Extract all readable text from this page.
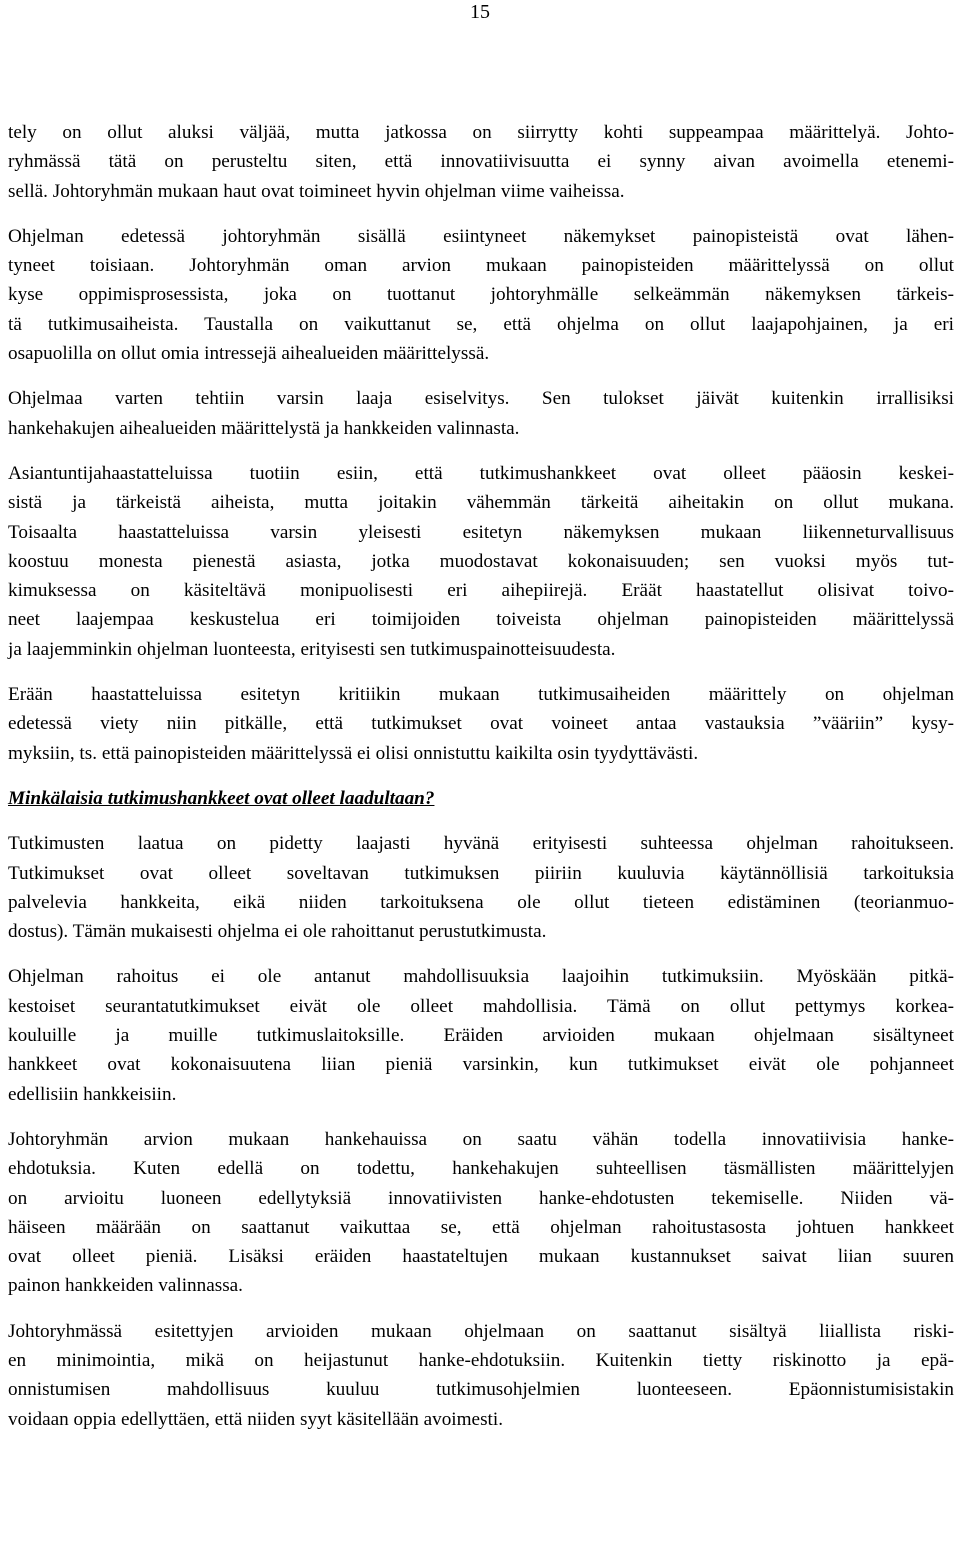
15
tely on ollut aluksi väljää, mutta jatkossa on siirrytty kohti suppeampaa määrittelyä. Johto-
ryhmässä tätä on perusteltu siten, että innovatiivisuutta ei synny aivan avoimella etenemi-
sellä. Johtoryhmän mukaan haut ovat toimineet hyvin ohjelman viime vaiheissa.
Ohjelman edetessä johtoryhmän sisällä esiintyneet näkemykset painopisteistä ovat lähen-
tyneet toisiaan. Johtoryhmän oman arvion mukaan painopisteiden määrittelyssä on ollut
kyse oppimisprosessista, joka on tuottanut johtoryhmälle selkeämmän näkemyksen tärkeis-
tä tutkimusaiheista. Taustalla on vaikuttanut se, että ohjelma on ollut laajapohjainen, ja eri
osapuolilla on ollut omia intressejä aihealueiden määrittelyssä.
Ohjelmaa varten tehtiin varsin laaja esiselvitys. Sen tulokset jäivät kuitenkin irrallisiksi
hankehakujen aihealueiden määrittelystä ja hankkeiden valinnasta.
Asiantuntijahaastatteluissa tuotiin esiin, että tutkimushankkeet ovat olleet pääosin keskei-
sistä ja tärkeistä aiheista, mutta joitakin vähemmän tärkeitä aiheitakin on ollut mukana.
Toisaalta haastatteluissa varsin yleisesti esitetyn näkemyksen mukaan liikenneturvallisuus
koostuu monesta pienestä asiasta, jotka muodostavat kokonaisuuden; sen vuoksi myös tut-
kimuksessa on käsiteltävä monipuolisesti eri aihepiirejä. Eräät haastatellut olisivat toivo-
neet laajempaa keskustelua eri toimijoiden toiveista ohjelman painopisteiden määrittelyssä
ja laajemminkin ohjelman luonteesta, erityisesti sen tutkimuspainotteisuudesta.
Erään haastatteluissa esitetyn kritiikin mukaan tutkimusaiheiden määrittely on ohjelman
edetessä viety niin pitkälle, että tutkimukset ovat voineet antaa vastauksia ”vääriin” kysy-
myksiin, ts. että painopisteiden määrittelyssä ei olisi onnistuttu kaikilta osin tyydyttävästi.
Minkälaisia tutkimushankkeet ovat olleet laadultaan?
Tutkimusten laatua on pidetty laajasti hyvänä erityisesti suhteessa ohjelman rahoitukseen.
Tutkimukset ovat olleet soveltavan tutkimuksen piiriin kuuluvia käytännöllisiä tarkoituksia
palvelevia hankkeita, eikä niiden tarkoituksena ole ollut tieteen edistäminen (teorianmuo-
dostus). Tämän mukaisesti ohjelma ei ole rahoittanut perustutkimusta.
Ohjelman rahoitus ei ole antanut mahdollisuuksia laajoihin tutkimuksiin. Myöskään pitkä-
kestoiset seurantatutkimukset eivät ole olleet mahdollisia. Tämä on ollut pettymys korkea-
kouluille ja muille tutkimuslaitoksille. Eräiden arvioiden mukaan ohjelmaan sisältyneet
hankkeet ovat kokonaisuutena liian pieniä varsinkin, kun tutkimukset eivät ole pohjanneet
edellisiin hankkeisiin.
Johtoryhmän arvion mukaan hankehauissa on saatu vähän todella innovatiivisia hanke-
ehdotuksia. Kuten edellä on todettu, hankehakujen suhteellisen täsmällisten määrittelyjen
on arvioitu luoneen edellytyksiä innovatiivisten hanke-ehdotusten tekemiselle. Niiden vä-
häiseen määrään on saattanut vaikuttaa se, että ohjelman rahoitustasosta johtuen hankkeet
ovat olleet pieniä. Lisäksi eräiden haastateltujen mukaan kustannukset saivat liian suuren
painon hankkeiden valinnassa.
Johtoryhmässä esitettyjen arvioiden mukaan ohjelmaan on saattanut sisältyä liiallista riski-
en minimointia, mikä on heijastunut hanke-ehdotuksiin. Kuitenkin tietty riskinotto ja epä-
onnistumisen mahdollisuus kuuluu tutkimusohjelmien luonteeseen. Epäonnistumisistakin
voidaan oppia edellyttäen, että niiden syyt käsitellään avoimesti.
